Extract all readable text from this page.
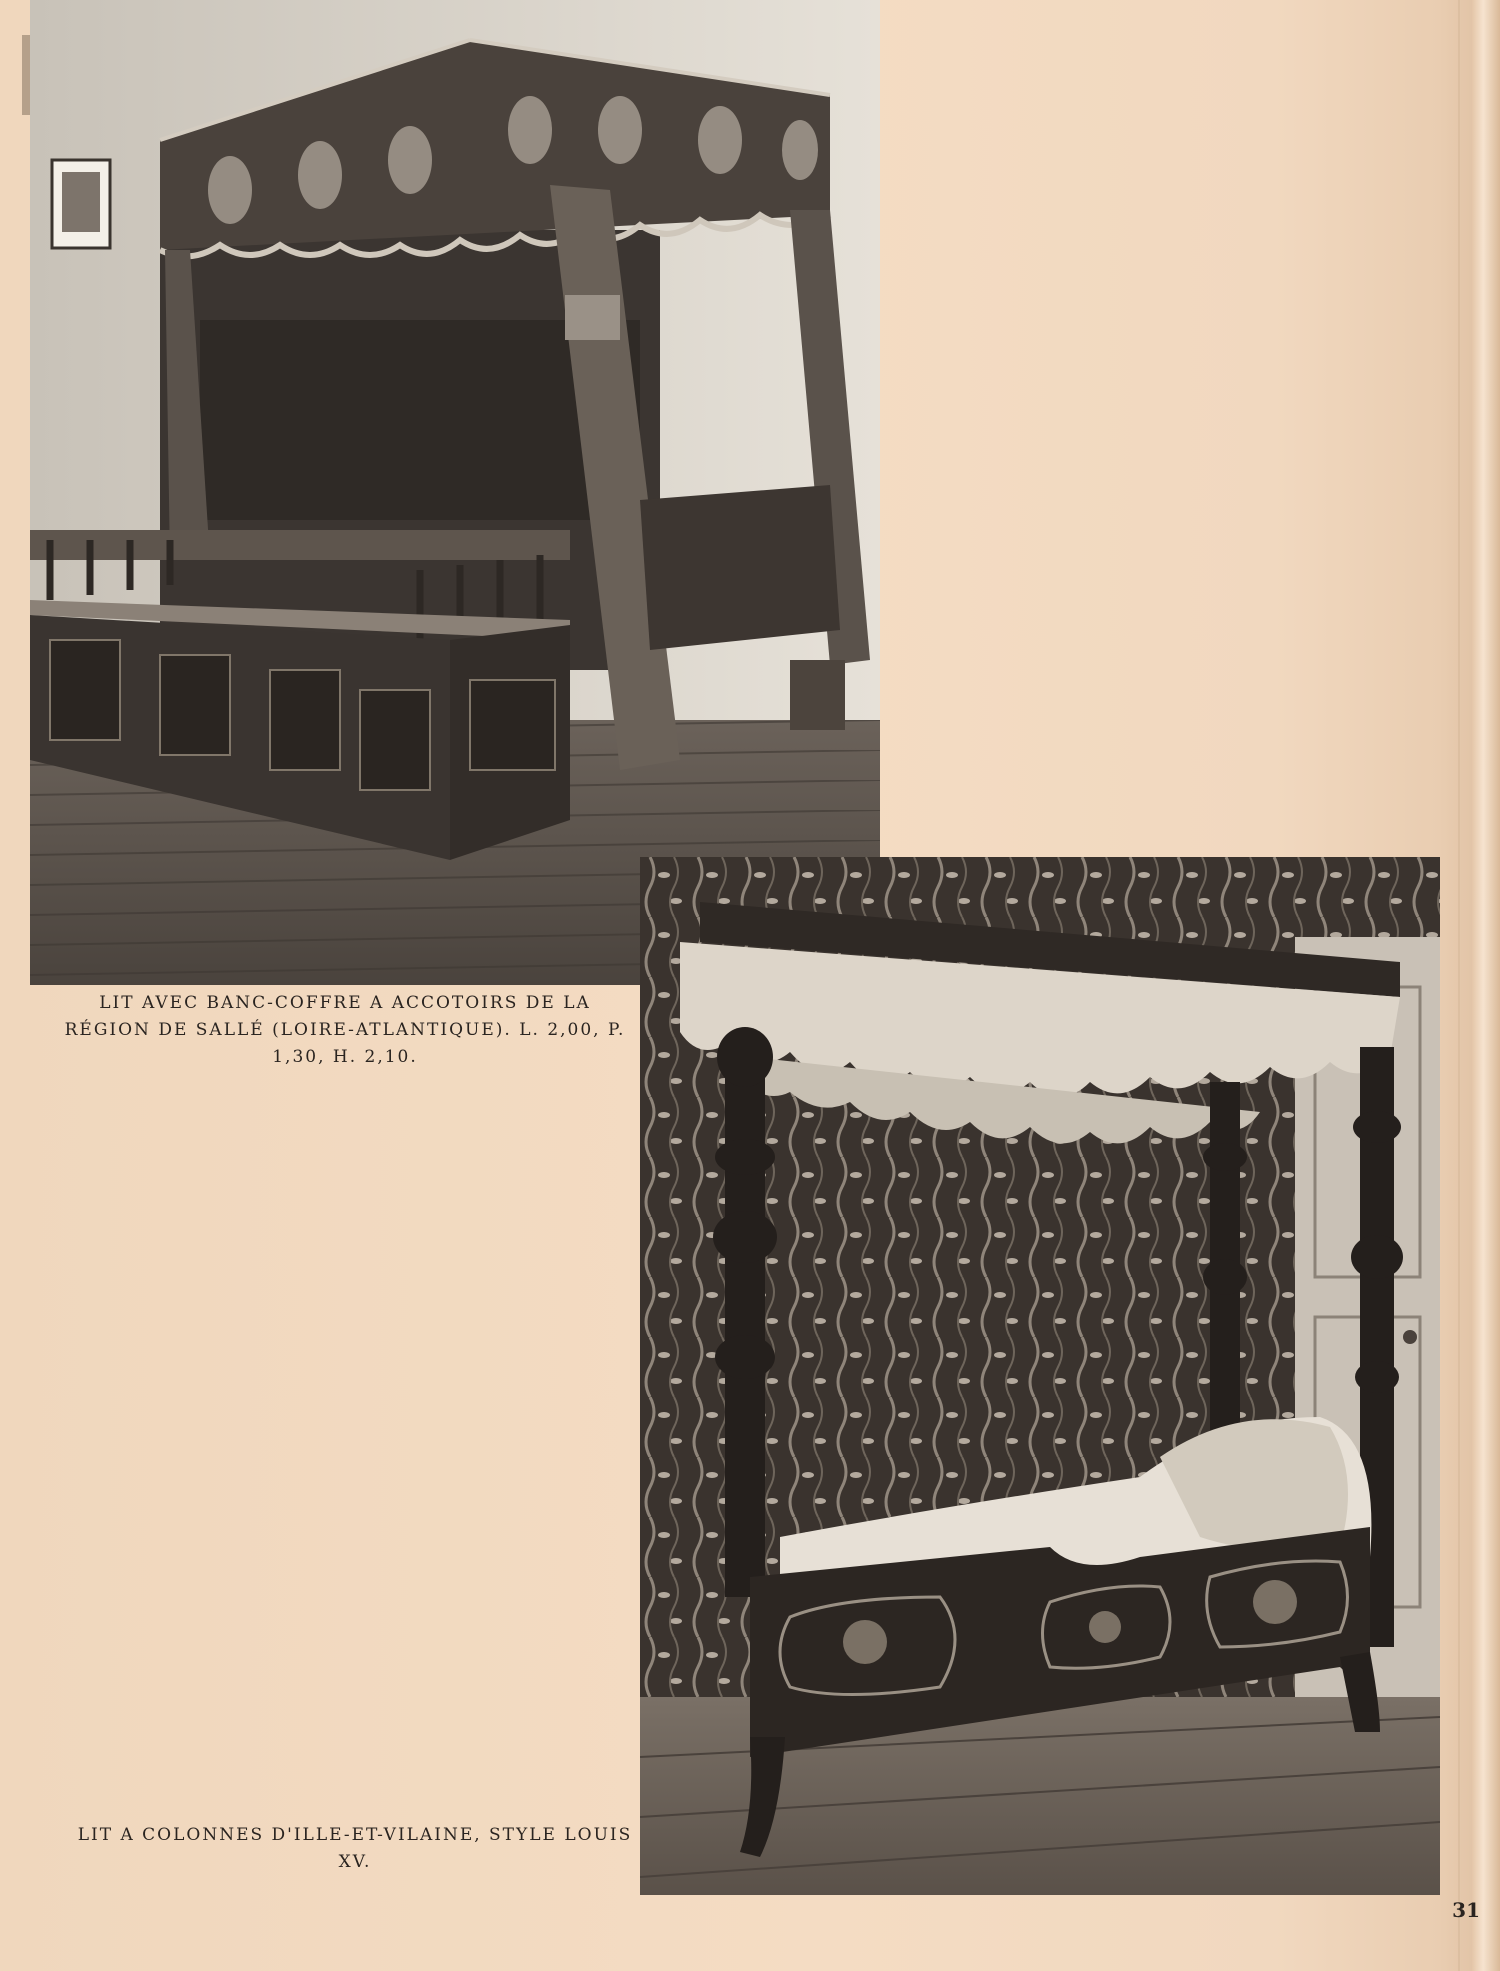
LIT AVEC BANC-COFFRE A ACCOTOIRS DE LA RÉGION DE SALLÉ (LOIRE-ATLANTIQUE). L. 2,00, P. 1,30, H. 2,10.
LIT A COLONNES D'ILLE-ET-VILAINE, STYLE LOUIS XV.
31
